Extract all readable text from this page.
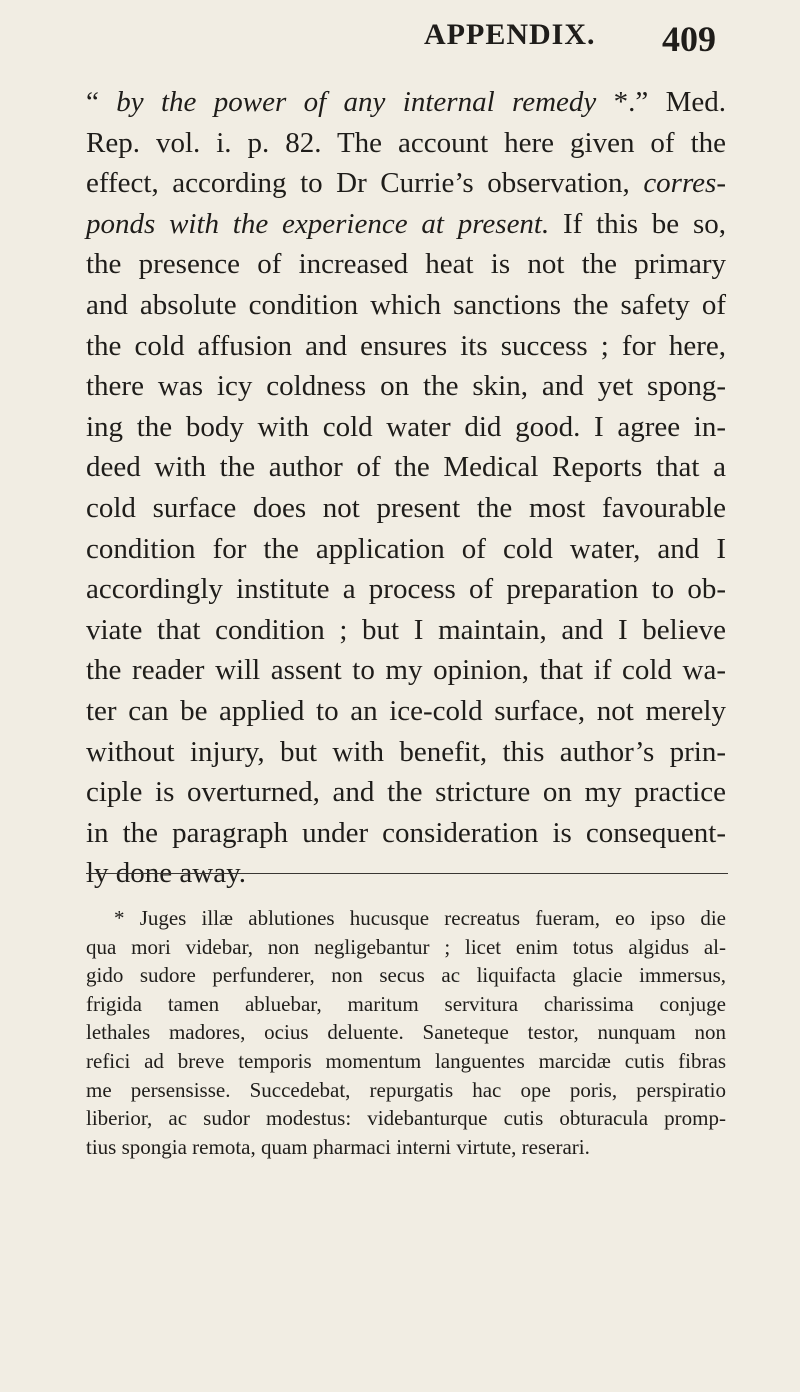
APPENDIX. 409
“ by the power of any internal remedy *.” Med.
Rep. vol. i. p. 82. The account here given of the
effect, according to Dr Currie’s observation, corres-
ponds with the experience at present. If this be so,
the presence of increased heat is not the primary
and absolute condition which sanctions the safety of
the cold affusion and ensures its success ; for here,
there was icy coldness on the skin, and yet spong-
ing the body with cold water did good. I agree in-
deed with the author of the Medical Reports that a
cold surface does not present the most favourable
condition for the application of cold water, and I
accordingly institute a process of preparation to ob-
viate that condition ; but I maintain, and I believe
the reader will assent to my opinion, that if cold wa-
ter can be applied to an ice-cold surface, not merely
without injury, but with benefit, this author’s prin-
ciple is overturned, and the stricture on my practice
in the paragraph under consideration is consequent-
ly done away.
* Juges illæ ablutiones hucusque recreatus fueram, eo ipso die
qua mori videbar, non negligebantur ; licet enim totus algidus al-
gido sudore perfunderer, non secus ac liquifacta glacie immersus,
frigida tamen abluebar, maritum servitura charissima conjuge
lethales madores, ocius deluente. Saneteque testor, nunquam non
refici ad breve temporis momentum languentes marcidæ cutis fibras
me persensisse. Succedebat, repurgatis hac ope poris, perspiratio
liberior, ac sudor modestus: videbanturque cutis obturacula promp-
tius spongia remota, quam pharmaci interni virtute, reserari.
